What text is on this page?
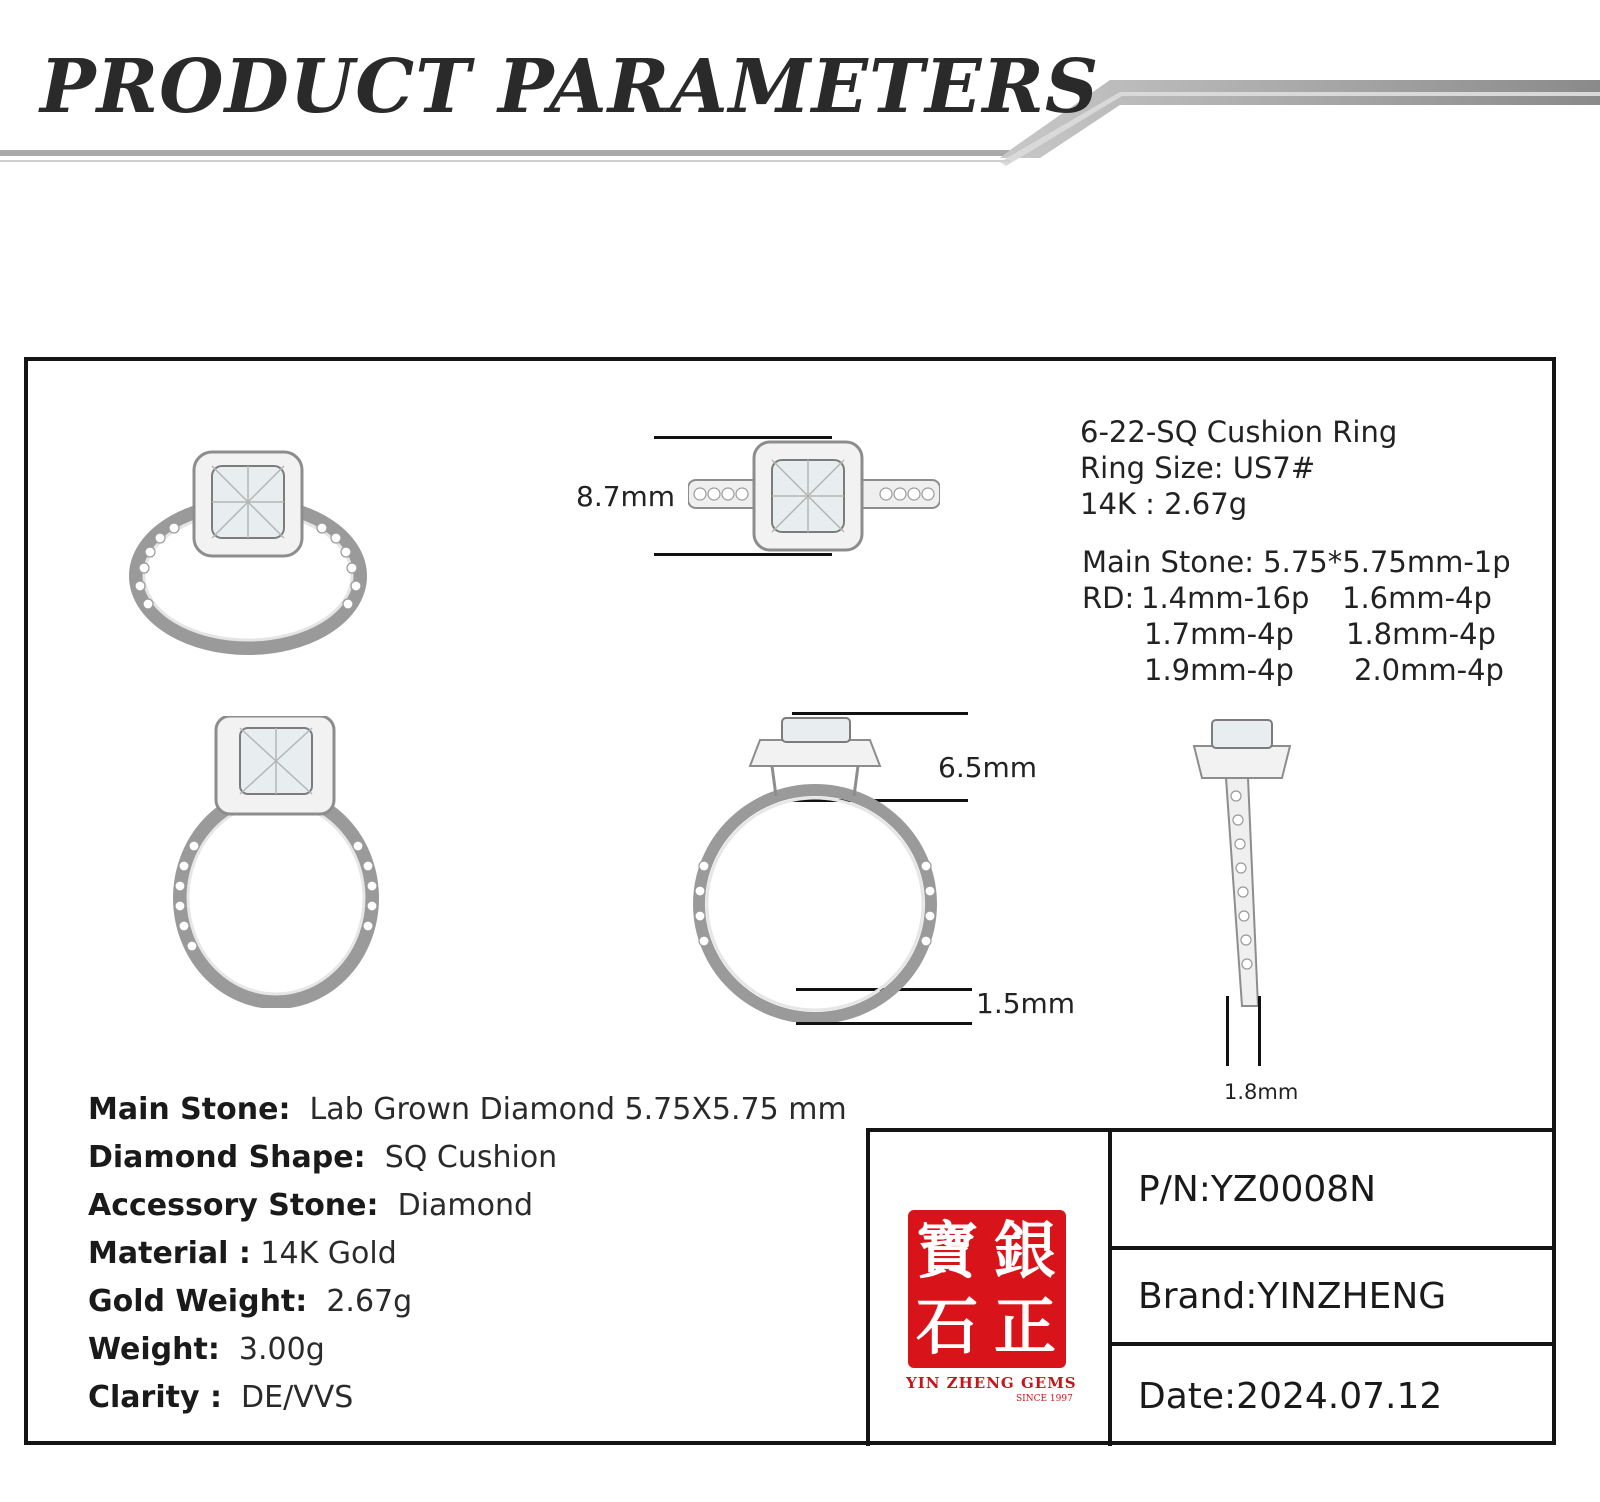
PRODUCT PARAMETERS
8.7mm
6-22-SQ Cushion Ring
Ring Size: US7#
14K : 2.67g
Main Stone: 5.75*5.75mm-1p
RD: 1.4mm-16p 1.6mm-4p
1.7mm-4p 1.8mm-4p
1.9mm-4p 2.0mm-4p
6.5mm
1.5mm
1.8mm
Main Stone: Lab Grown Diamond 5.75X5.75 mm
Diamond Shape: SQ Cushion
Accessory Stone: Diamond
Material : 14K Gold
Gold Weight: 2.67g
Weight: 3.00g
Clarity : DE/VVS
寶 銀
石 正
YIN ZHENG GEMS
SINCE 1997
P/N:YZ0008N
Brand:YINZHENG
Date:2024.07.12
